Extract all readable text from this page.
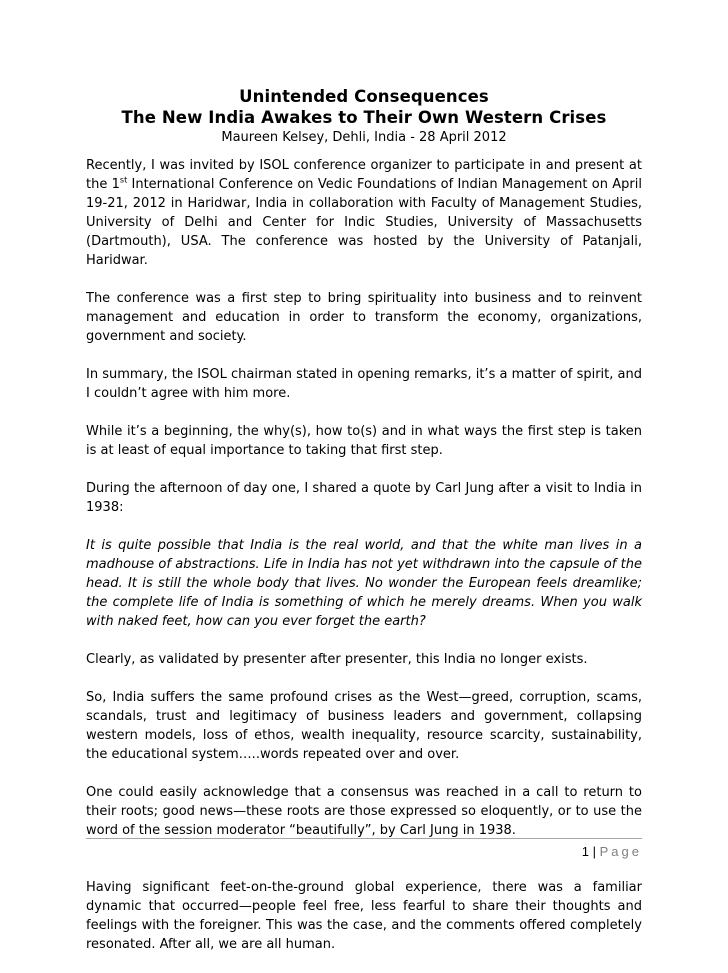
Unintended Consequences

The New India Awakes to Their Own Western Crises

Maureen Kelsey, Dehli, India - 28 April 2012

Recently, I was invited by ISOL conference organizer to participate in and present at the 1st International Conference on Vedic Foundations of Indian Management on April 19-21, 2012 in Haridwar, India in collaboration with Faculty of Management Studies, University of Delhi and Center for Indic Studies, University of Massachusetts (Dartmouth), USA. The conference was hosted by the University of Patanjali, Haridwar.

The conference was a first step to bring spirituality into business and to reinvent management and education in order to transform the economy, organizations, government and society.

In summary, the ISOL chairman stated in opening remarks, it’s a matter of spirit, and I couldn’t agree with him more.

While it’s a beginning, the why(s), how to(s) and in what ways the first step is taken is at least of equal importance to taking that first step.

During the afternoon of day one, I shared a quote by Carl Jung after a visit to India in 1938:

It is quite possible that India is the real world, and that the white man lives in a madhouse of abstractions. Life in India has not yet withdrawn into the capsule of the head. It is still the whole body that lives. No wonder the European feels dreamlike; the complete life of India is something of which he merely dreams. When you walk with naked feet, how can you ever forget the earth?

Clearly, as validated by presenter after presenter, this India no longer exists.

So, India suffers the same profound crises as the West—greed, corruption, scams, scandals, trust and legitimacy of business leaders and government, collapsing western models, loss of ethos, wealth inequality, resource scarcity, sustainability, the educational system…..words repeated over and over.

One could easily acknowledge that a consensus was reached in a call to return to their roots; good news—these roots are those expressed so eloquently, or to use the word of the session moderator “beautifully”, by Carl Jung in 1938.

Having significant feet-on-the-ground global experience, there was a familiar dynamic that occurred—people feel free, less fearful to share their thoughts and feelings with the foreigner. This was the case, and the comments offered completely resonated. After all, we are all human.

1 | Page
